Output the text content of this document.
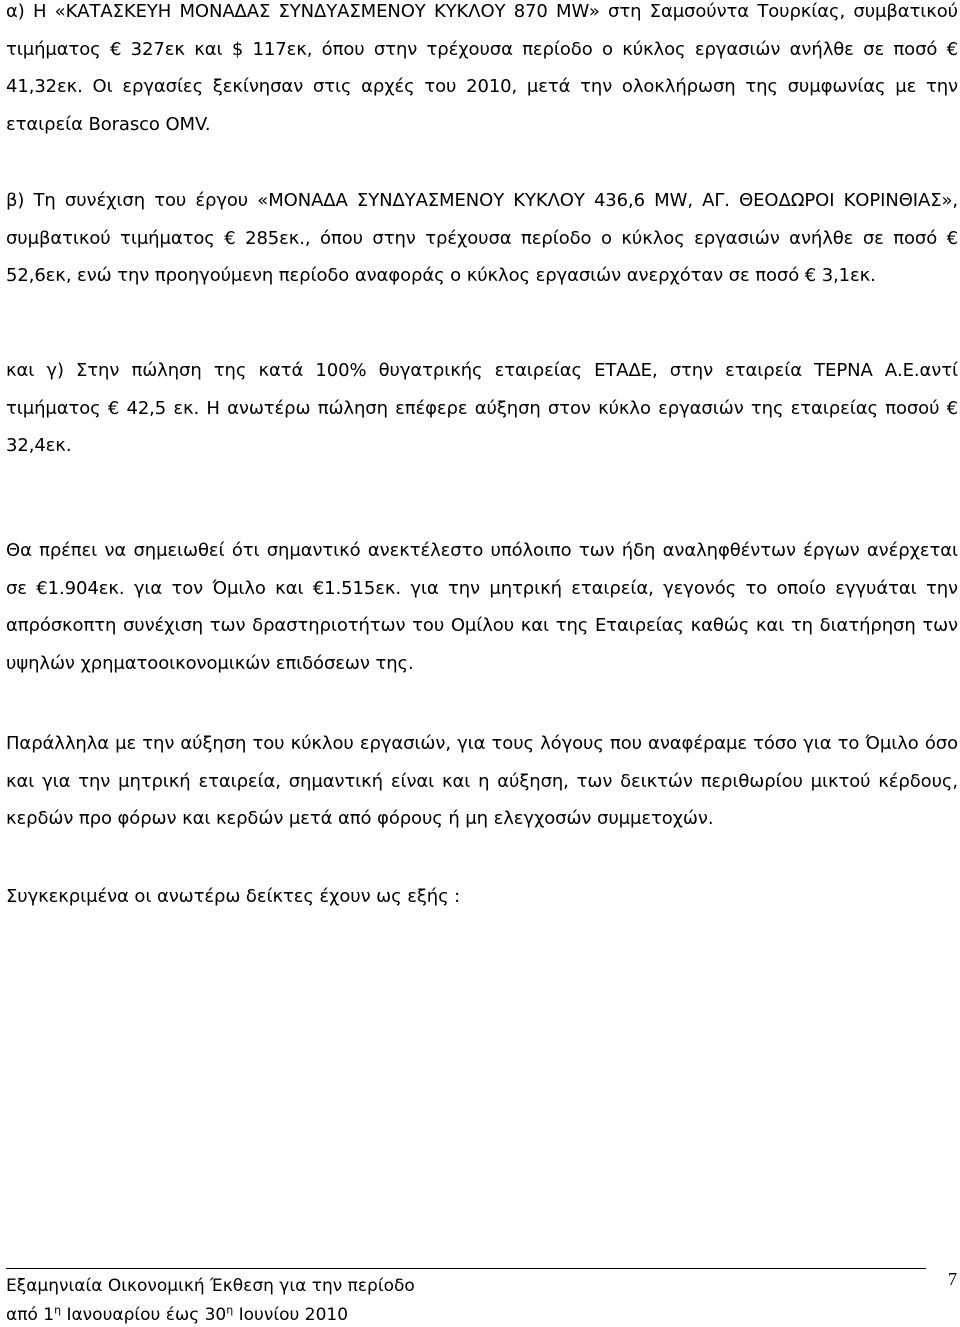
α) Η «ΚΑΤΑΣΚΕΥΗ ΜΟΝΑΔΑΣ ΣΥΝΔΥΑΣΜΕΝΟΥ ΚΥΚΛΟΥ 870 MW» στη Σαμσούντα Τουρκίας, συμβατικού τιμήματος € 327εκ και $ 117εκ, όπου στην τρέχουσα περίοδο ο κύκλος εργασιών ανήλθε σε ποσό € 41,32εκ. Οι εργασίες ξεκίνησαν στις αρχές του 2010, μετά την ολοκλήρωση της συμφωνίας με την εταιρεία Borasco OMV.

β) Τη συνέχιση του έργου «ΜΟΝΑΔΑ ΣΥΝΔΥΑΣΜΕΝΟΥ ΚΥΚΛΟΥ 436,6 MW, ΑΓ. ΘΕΟΔΩΡΟΙ ΚΟΡΙΝΘΙΑΣ», συμβατικού τιμήματος € 285εκ., όπου στην τρέχουσα περίοδο ο κύκλος εργασιών ανήλθε σε ποσό € 52,6εκ, ενώ την προηγούμενη περίοδο αναφοράς ο κύκλος εργασιών ανερχόταν σε ποσό € 3,1εκ.

και γ) Στην πώληση της κατά 100% θυγατρικής εταιρείας ΕΤΑΔΕ, στην εταιρεία ΤΕΡΝΑ Α.Ε.αντί τιμήματος € 42,5 εκ. Η ανωτέρω πώληση επέφερε αύξηση στον κύκλο εργασιών της εταιρείας ποσού € 32,4εκ.

Θα πρέπει να σημειωθεί ότι σημαντικό ανεκτέλεστο υπόλοιπο των ήδη αναληφθέντων έργων ανέρχεται σε €1.904εκ. για τον Όμιλο και €1.515εκ. για την μητρική εταιρεία, γεγονός το οποίο εγγυάται την απρόσκοπτη συνέχιση των δραστηριοτήτων του Ομίλου και της Εταιρείας καθώς και τη διατήρηση των υψηλών χρηματοοικονομικών επιδόσεων της.

Παράλληλα με την αύξηση του κύκλου εργασιών, για τους λόγους που αναφέραμε τόσο για το Όμιλο όσο και για την μητρική εταιρεία, σημαντική είναι και η αύξηση, των δεικτών περιθωρίου μικτού κέρδους, κερδών προ φόρων και κερδών μετά από φόρους ή μη ελεγχοσών συμμετοχών.

Συγκεκριμένα οι ανωτέρω δείκτες έχουν ως εξής :

Εξαμηνιαία Οικονομική Έκθεση για την περίοδο
από $1^\eta$ Ιανουαρίου έως $30^\eta$ Ιουνίου 2010
7
